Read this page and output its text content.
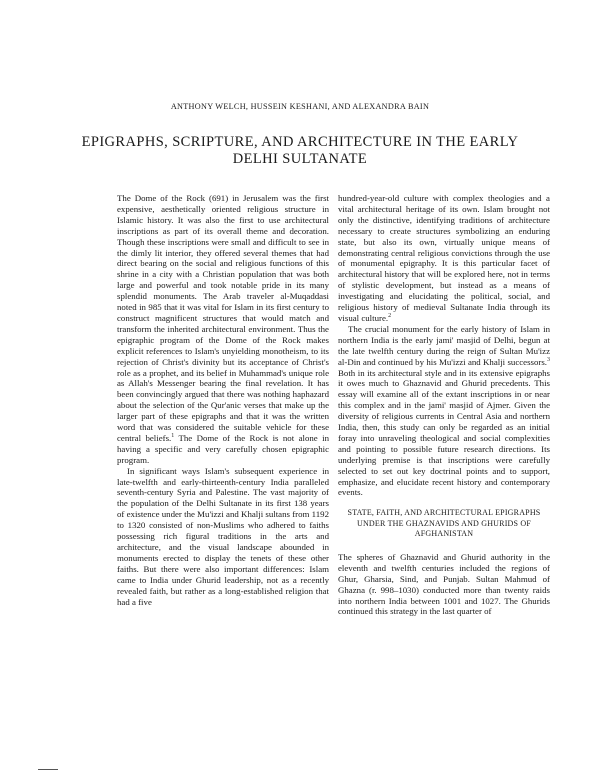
ANTHONY WELCH, HUSSEIN KESHANI, AND ALEXANDRA BAIN
EPIGRAPHS, SCRIPTURE, AND ARCHITECTURE IN THE EARLY DELHI SULTANATE

The Dome of the Rock (691) in Jerusalem was the first expensive, aesthetically oriented religious structure in Islamic history. It was also the first to use architectural inscriptions as part of its overall theme and decoration. Though these inscriptions were small and difficult to see in the dimly lit interior, they offered several themes that had direct bearing on the social and religious functions of this shrine in a city with a Christian population that was both large and powerful and took notable pride in its many splendid monuments. The Arab traveler al-Muqaddasi noted in 985 that it was vital for Islam in its first century to construct magnificent structures that would match and transform the inherited architectural environment. Thus the epigraphic program of the Dome of the Rock makes explicit references to Islam's unyielding monotheism, to its rejection of Christ's divinity but its acceptance of Christ's role as a prophet, and its belief in Muhammad's unique role as Allah's Messenger bearing the final revelation. It has been convincingly argued that there was nothing haphazard about the selection of the Qur'anic verses that make up the larger part of these epigraphs and that it was the written word that was considered the suitable vehicle for these central beliefs.$^1$ The Dome of the Rock is not alone in having a specific and very carefully chosen epigraphic program.

In significant ways Islam's subsequent experience in late-twelfth and early-thirteenth-century India paralleled seventh-century Syria and Palestine. The vast majority of the population of the Delhi Sultanate in its first 138 years of existence under the Mu'izzi and Khalji sultans from 1192 to 1320 consisted of non-Muslims who adhered to faiths possessing rich figural traditions in the arts and architecture, and the visual landscape abounded in monuments erected to display the tenets of these other faiths. But there were also important differences: Islam came to India under Ghurid leadership, not as a recently revealed faith, but rather as a long-established religion that had a five

hundred-year-old culture with complex theologies and a vital architectural heritage of its own. Islam brought not only the distinctive, identifying traditions of architecture necessary to create structures symbolizing an enduring state, but also its own, virtually unique means of demonstrating central religious convictions through the use of monumental epigraphy. It is this particular facet of architectural history that will be explored here, not in terms of stylistic development, but instead as a means of investigating and elucidating the political, social, and religious history of medieval Sultanate India through its visual culture.$^2$

The crucial monument for the early history of Islam in northern India is the early jami' masjid of Delhi, begun at the late twelfth century during the reign of Sultan Mu'izz al-Din and continued by his Mu'izzi and Khalji successors.$^3$ Both in its architectural style and in its extensive epigraphs it owes much to Ghaznavid and Ghurid precedents. This essay will examine all of the extant inscriptions in or near this complex and in the jami' masjid of Ajmer. Given the diversity of religious currents in Central Asia and northern India, then, this study can only be regarded as an initial foray into unraveling theological and social complexities and pointing to possible future research directions. Its underlying premise is that inscriptions were carefully selected to set out key doctrinal points and to support, emphasize, and elucidate recent history and contemporary events.

STATE, FAITH, AND ARCHITECTURAL EPIGRAPHS UNDER THE GHAZNAVIDS AND GHURIDS OF AFGHANISTAN

The spheres of Ghaznavid and Ghurid authority in the eleventh and twelfth centuries included the regions of Ghur, Gharsia, Sind, and Punjab. Sultan Mahmud of Ghazna (r. 998–1030) conducted more than twenty raids into northern India between 1001 and 1027. The Ghurids continued this strategy in the last quarter of
